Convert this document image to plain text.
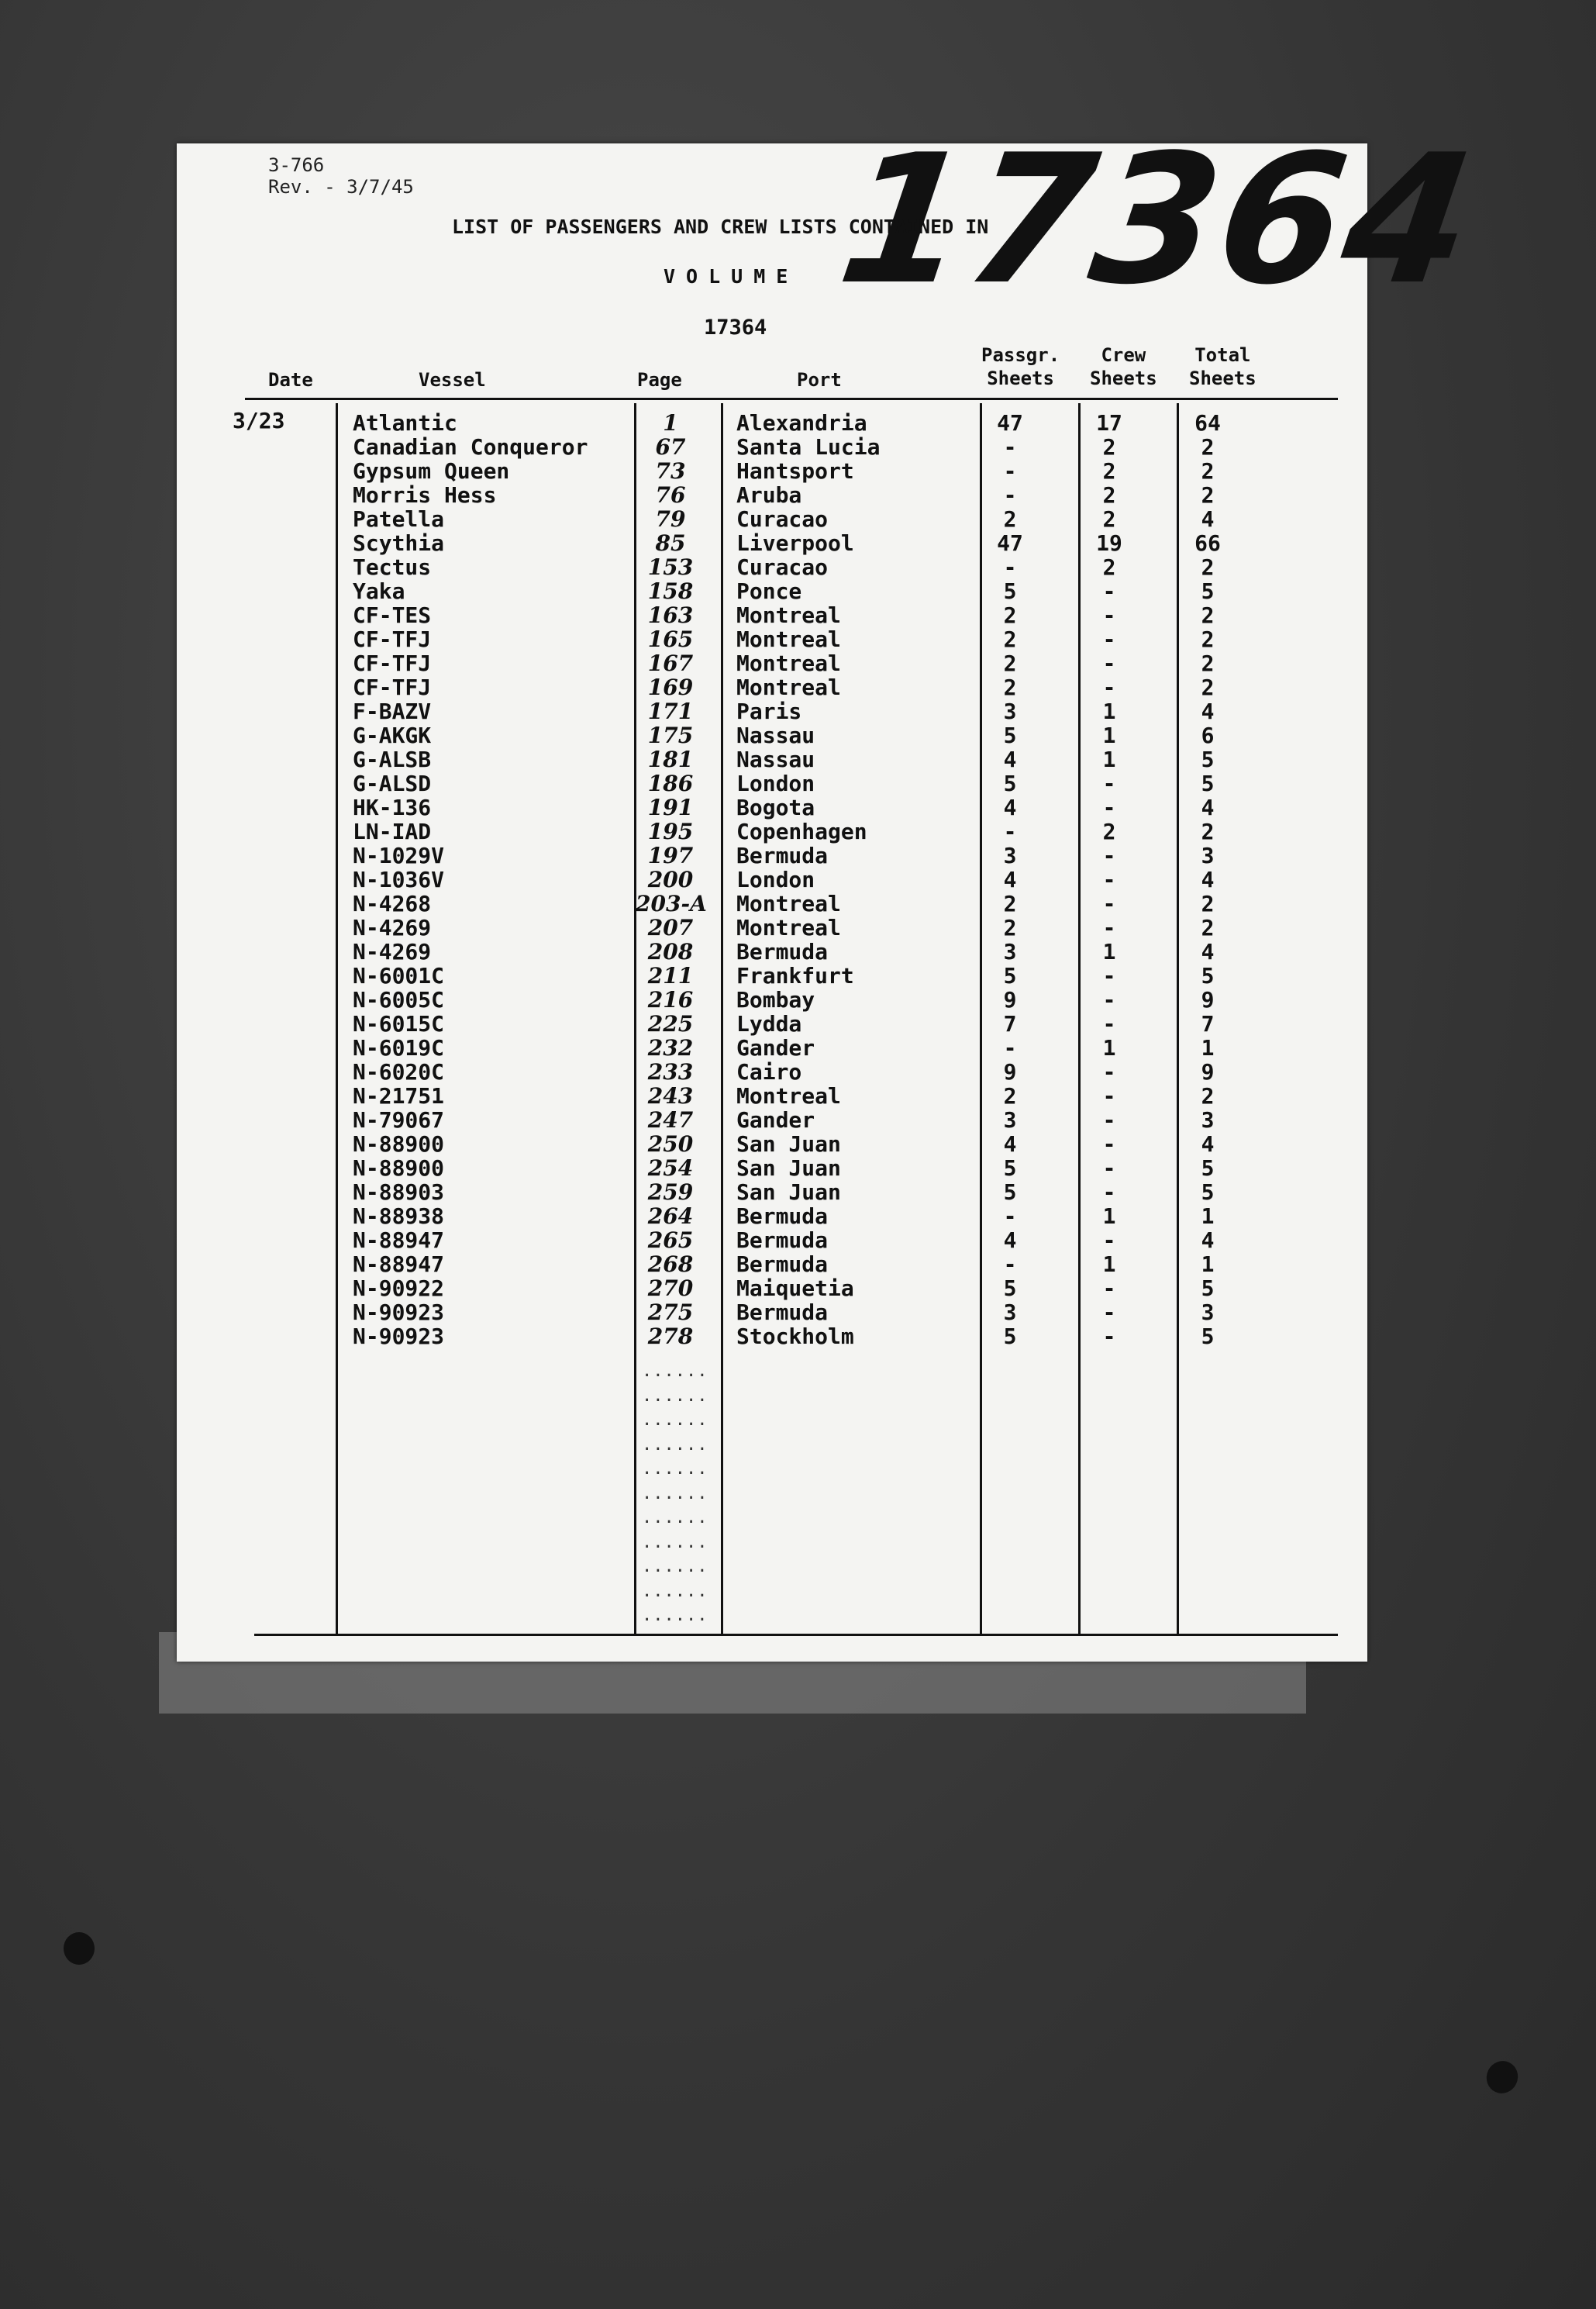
3-766
Rev. - 3/7/45 17364
LIST OF PASSENGERS AND CREW LISTS CONTAINED IN
VOLUME
17364
Date	Vessel	Page	Port
Passgr.
Sheets
Crew
Sheets
Total
Sheets
3/23	Atlantic	1	Alexandria	47	17	64
Canadian Conqueror	67	Santa Lucia	-	2	2
Gypsum Queen	73	Hantsport	-	2	2
Morris Hess	76	Aruba	-	2	2
Patella	79	Curacao	2	2	4
Scythia	85	Liverpool	47	19	66
Tectus	153	Curacao	-	2	2
Yaka	158	Ponce	5	-	5
CF-TES	163	Montreal	2	-	2
CF-TFJ	165	Montreal	2	-	2
CF-TFJ	167	Montreal	2	-	2
CF-TFJ	169	Montreal	2	-	2
F-BAZV	171	Paris	3	1	4
G-AKGK	175	Nassau	5	1	6
G-ALSB	181	Nassau	4	1	5
G-ALSD	186	London	5	-	5
HK-136	191	Bogota	4	-	4
LN-IAD	195	Copenhagen	-	2	2
N-1029V	197	Bermuda	3	-	3
N-1036V	200	London	4	-	4
N-4268	203-A Montreal	2	-	2
N-4269	207	Montreal	2	-	2
N-4269	208	Bermuda	3	1	4
N-6001C	211	Frankfurt	5	-	5
N-6005C	216	Bombay	9	-	9
N-6015C	225	Lydda	7	-	7
N-6019C	232	Gander	-	1	1
N-6020C	233	Cairo	9	-	9
N-21751	243	Montreal	2	-	2
N-79067	247	Gander	3	-	3
N-88900	250	San Juan	4	-	4
N-88900	254	San Juan	5	-	5
N-88903	259	San Juan	5	-	5
N-88938	264	Bermuda	-	1	1
N-88947	265	Bermuda	4	-	4
N-88947	268	Bermuda	-	1	1
N-90922	270	Maiquetia	5	-	5
N-90923	275	Bermuda	3	-	3
N-90923	278	Stockholm	5	-	5
......
......
......
......
......
......
......
......
......
......
......
